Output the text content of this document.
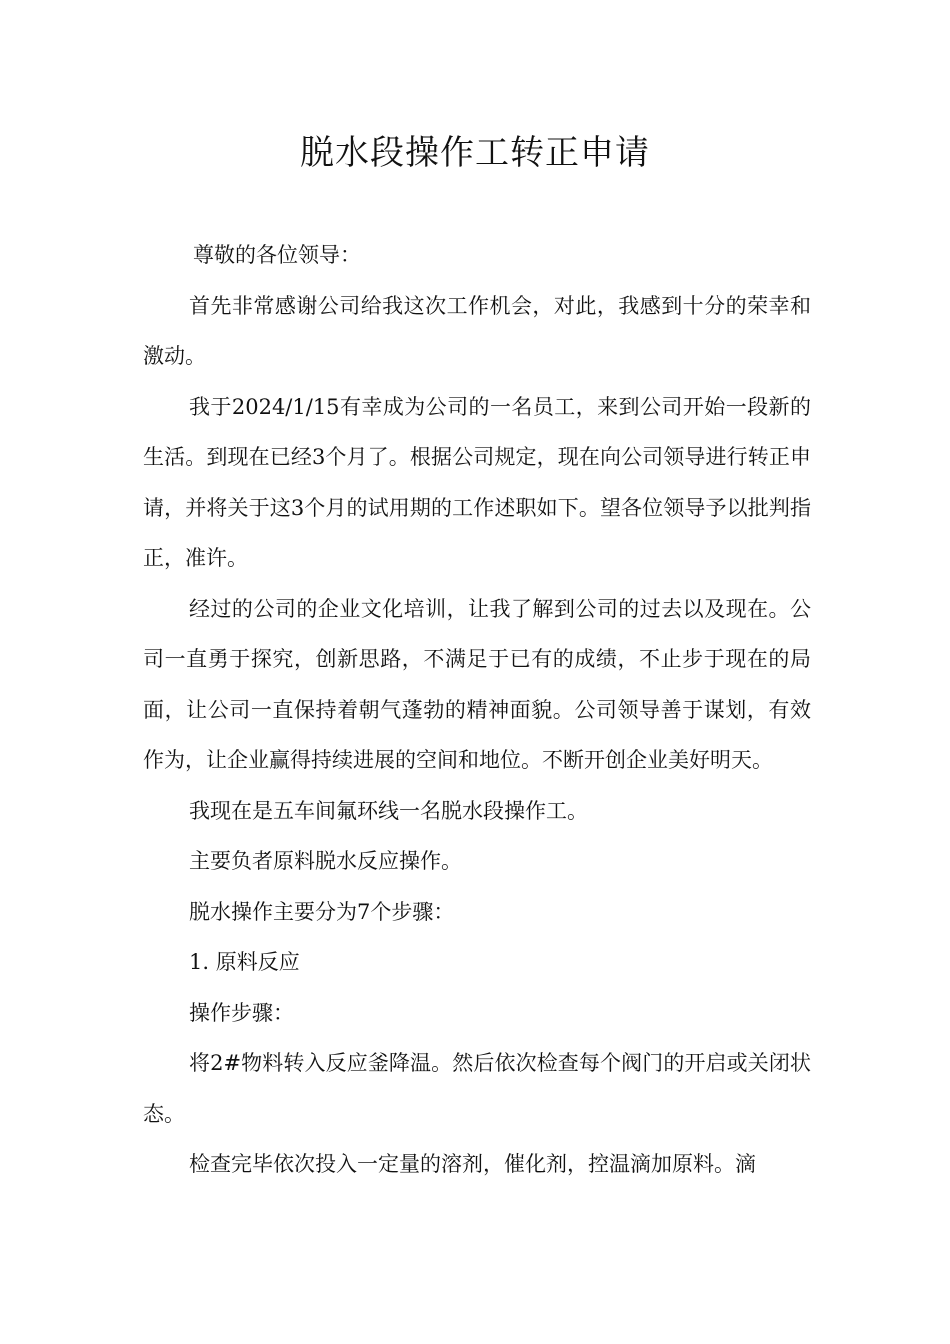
脱水段操作工转正申请

尊敬的各位领导：

首先非常感谢公司给我这次工作机会，对此，我感到十分的荣幸和激动。

我于2024/1/15有幸成为公司的一名员工，来到公司开始一段新的生活。到现在已经3个月了。根据公司规定，现在向公司领导进行转正申请，并将关于这3个月的试用期的工作述职如下。望各位领导予以批判指正，准许。

经过的公司的企业文化培训，让我了解到公司的过去以及现在。公司一直勇于探究，创新思路，不满足于已有的成绩，不止步于现在的局面，让公司一直保持着朝气蓬勃的精神面貌。公司领导善于谋划，有效作为，让企业赢得持续进展的空间和地位。不断开创企业美好明天。

我现在是五车间氟环线一名脱水段操作工。

主要负者原料脱水反应操作。

脱水操作主要分为7个步骤：

1. 原料反应

操作步骤：

将2#物料转入反应釜降温。然后依次检查每个阀门的开启或关闭状态。

检查完毕依次投入一定量的溶剂，催化剂，控温滴加原料。滴
